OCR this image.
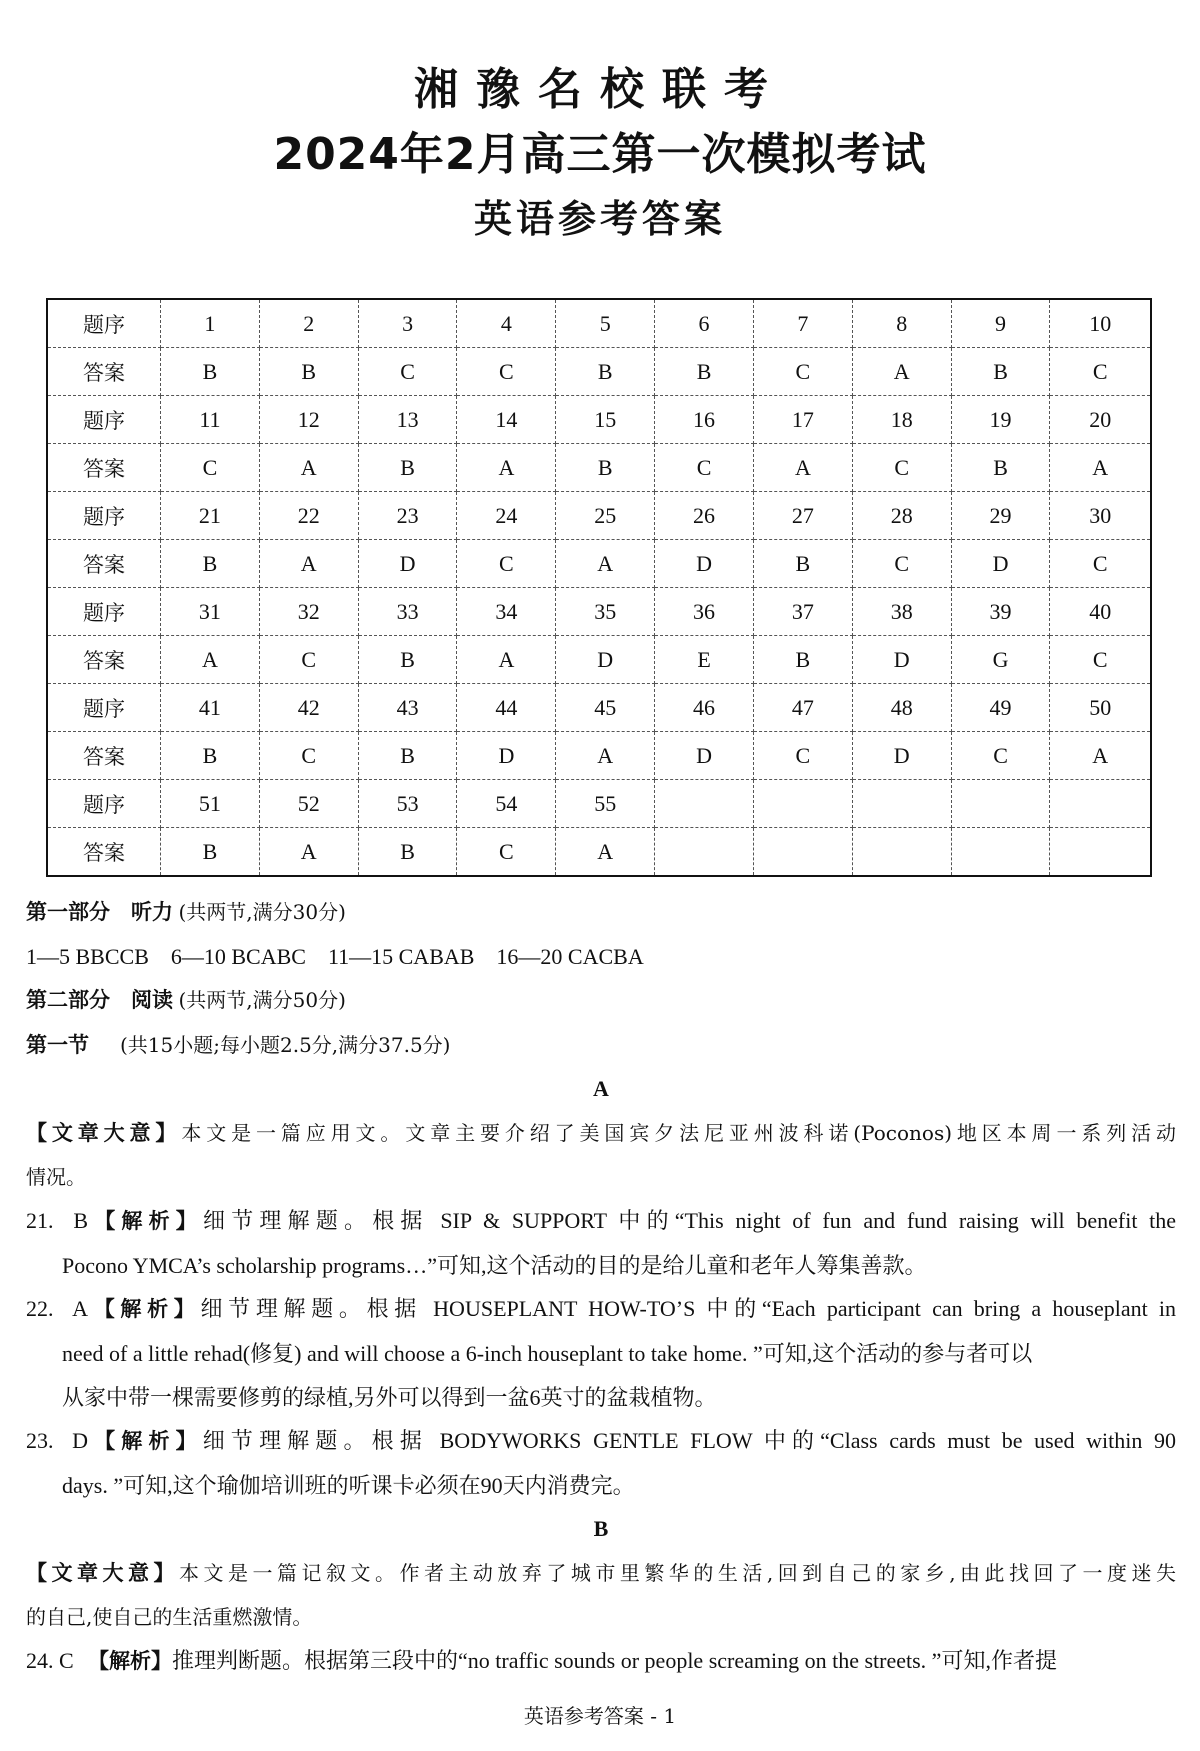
湘豫名校联考
2024年2月高三第一次模拟考试
英语参考答案
题序	1	2	3	4	5	6	7	8	9	10
答案	B	B	C	C	B	B	C	A	B	C
题序	11	12	13	14	15	16	17	18	19	20
答案	C	A	B	A	B	C	A	C	B	A
题序	21	22	23	24	25	26	27	28	29	30
答案	B	A	D	C	A	D	B	C	D	C
题序	31	32	33	34	35	36	37	38	39	40
答案	A	C	B	A	D	E	B	D	G	C
题序	41	42	43	44	45	46	47	48	49	50
答案	B	C	B	D	A	D	C	D	C	A
题序	51	52	53	54	55					
答案	B	A	B	C	A					
第一部分　听力 (共两节,满分30分)
1—5 BBCCB　6—10 BCABC　11—15 CABAB　16—20 CACBA
第二部分　阅读 (共两节,满分50分)
第一节 (共15小题;每小题2.5分,满分37.5分)
A
【文章大意】本文是一篇应用文。文章主要介绍了美国宾夕法尼亚州波科诺(Poconos)地区本周一系列活动
情况。
21. B【解析】细节理解题。根据 SIP & SUPPORT 中的“This night of fun and fund raising will benefit the
Pocono YMCA’s scholarship programs…”可知,这个活动的目的是给儿童和老年人筹集善款。
22. A【解析】细节理解题。根据 HOUSEPLANT HOW-TO’S 中的“Each participant can bring a houseplant in
need of a little rehad(修复) and will choose a 6-inch houseplant to take home. ”可知,这个活动的参与者可以
从家中带一棵需要修剪的绿植,另外可以得到一盆6英寸的盆栽植物。
23. D【解析】细节理解题。根据 BODYWORKS GENTLE FLOW 中的“Class cards must be used within 90
days. ”可知,这个瑜伽培训班的听课卡必须在90天内消费完。
B
【文章大意】本文是一篇记叙文。作者主动放弃了城市里繁华的生活,回到自己的家乡,由此找回了一度迷失
的自己,使自己的生活重燃激情。
24. C 【解析】推理判断题。根据第三段中的“no traffic sounds or people screaming on the streets. ”可知,作者提
英语参考答案 - 1
